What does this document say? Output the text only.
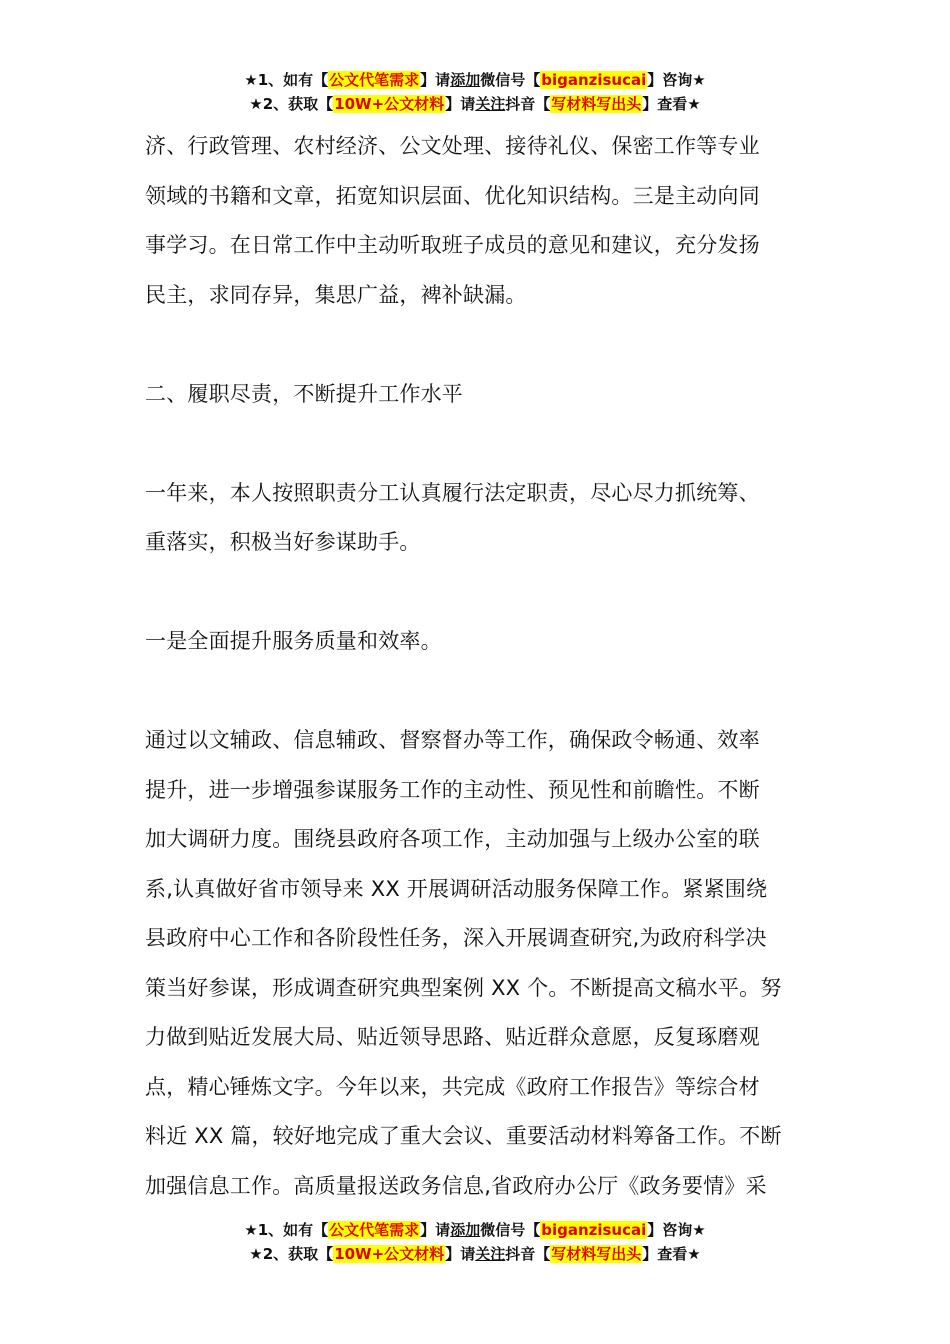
★1、如有【公文代笔需求】请添加微信号【biganzisucai】咨询★
★2、获取【10W+公文材料】请关注抖音【写材料写出头】查看★
济、行政管理、农村经济、公文处理、接待礼仪、保密工作等专业
领域的书籍和文章，拓宽知识层面、优化知识结构。三是主动向同
事学习。在日常工作中主动听取班子成员的意见和建议，充分发扬
民主，求同存异，集思广益，裨补缺漏。
二、履职尽责，不断提升工作水平
一年来，本人按照职责分工认真履行法定职责，尽心尽力抓统筹、
重落实，积极当好参谋助手。
一是全面提升服务质量和效率。
通过以文辅政、信息辅政、督察督办等工作，确保政令畅通、效率
提升，进一步增强参谋服务工作的主动性、预见性和前瞻性。不断
加大调研力度。围绕县政府各项工作，主动加强与上级办公室的联
系,认真做好省市领导来 XX 开展调研活动服务保障工作。紧紧围绕
县政府中心工作和各阶段性任务，深入开展调查研究,为政府科学决
策当好参谋，形成调查研究典型案例 XX 个。不断提高文稿水平。努
力做到贴近发展大局、贴近领导思路、贴近群众意愿，反复琢磨观
点，精心锤炼文字。今年以来，共完成《政府工作报告》等综合材
料近 XX 篇，较好地完成了重大会议、重要活动材料筹备工作。不断
加强信息工作。高质量报送政务信息,省政府办公厅《政务要情》采
★1、如有【公文代笔需求】请添加微信号【biganzisucai】咨询★
★2、获取【10W+公文材料】请关注抖音【写材料写出头】查看★
